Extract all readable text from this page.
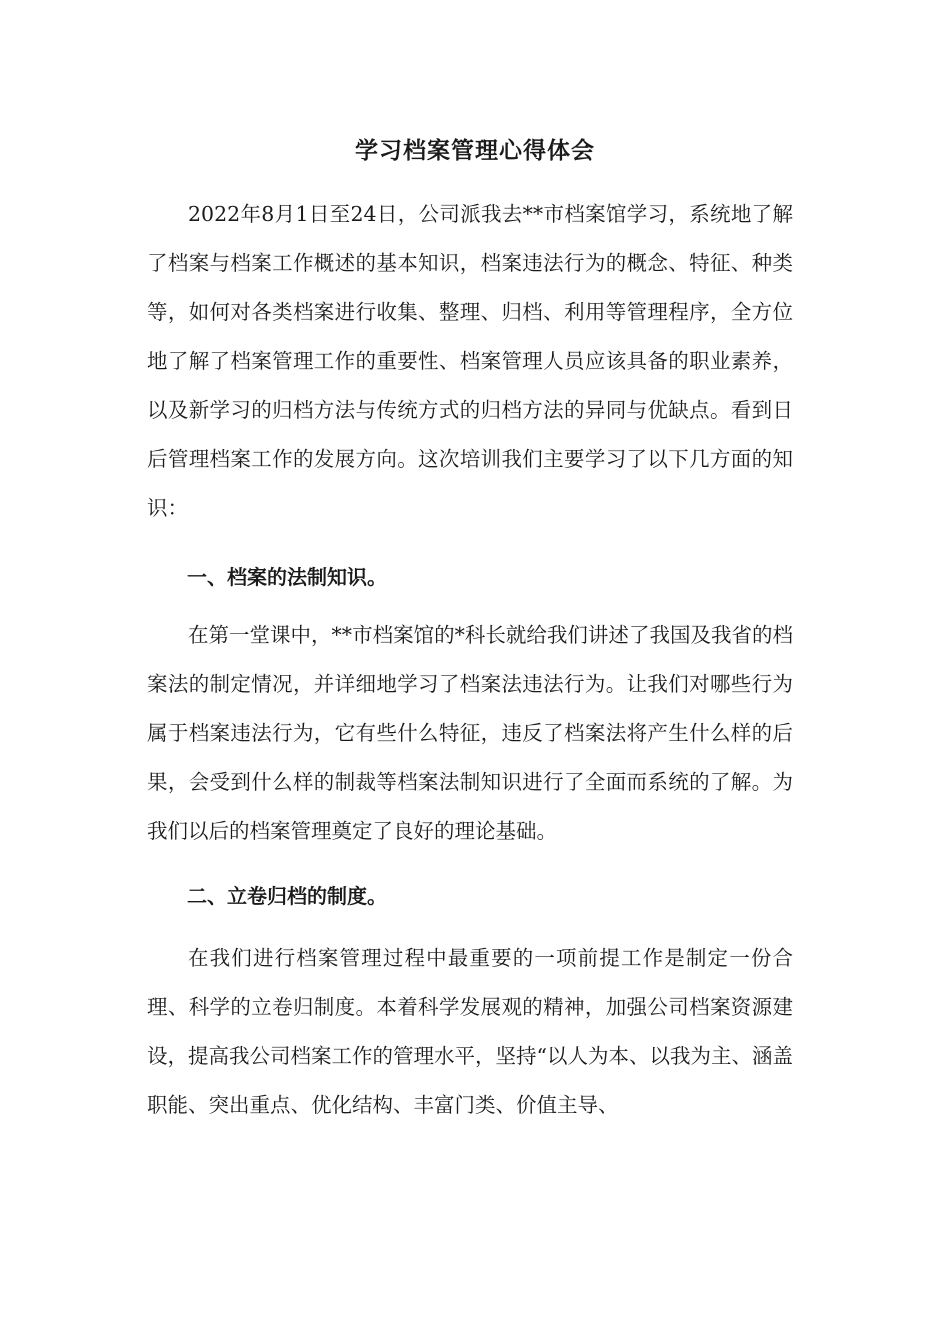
学习档案管理心得体会

2022年8月1日至24日，公司派我去**市档案馆学习，系统地了解了档案与档案工作概述的基本知识，档案违法行为的概念、特征、种类等，如何对各类档案进行收集、整理、归档、利用等管理程序，全方位地了解了档案管理工作的重要性、档案管理人员应该具备的职业素养，以及新学习的归档方法与传统方式的归档方法的异同与优缺点。看到日后管理档案工作的发展方向。这次培训我们主要学习了以下几方面的知识：

一、档案的法制知识。

在第一堂课中，**市档案馆的*科长就给我们讲述了我国及我省的档案法的制定情况，并详细地学习了档案法违法行为。让我们对哪些行为属于档案违法行为，它有些什么特征，违反了档案法将产生什么样的后果，会受到什么样的制裁等档案法制知识进行了全面而系统的了解。为我们以后的档案管理奠定了良好的理论基础。

二、立卷归档的制度。

在我们进行档案管理过程中最重要的一项前提工作是制定一份合理、科学的立卷归制度。本着科学发展观的精神，加强公司档案资源建设，提高我公司档案工作的管理水平，坚持“以人为本、以我为主、涵盖职能、突出重点、优化结构、丰富门类、价值主导、
